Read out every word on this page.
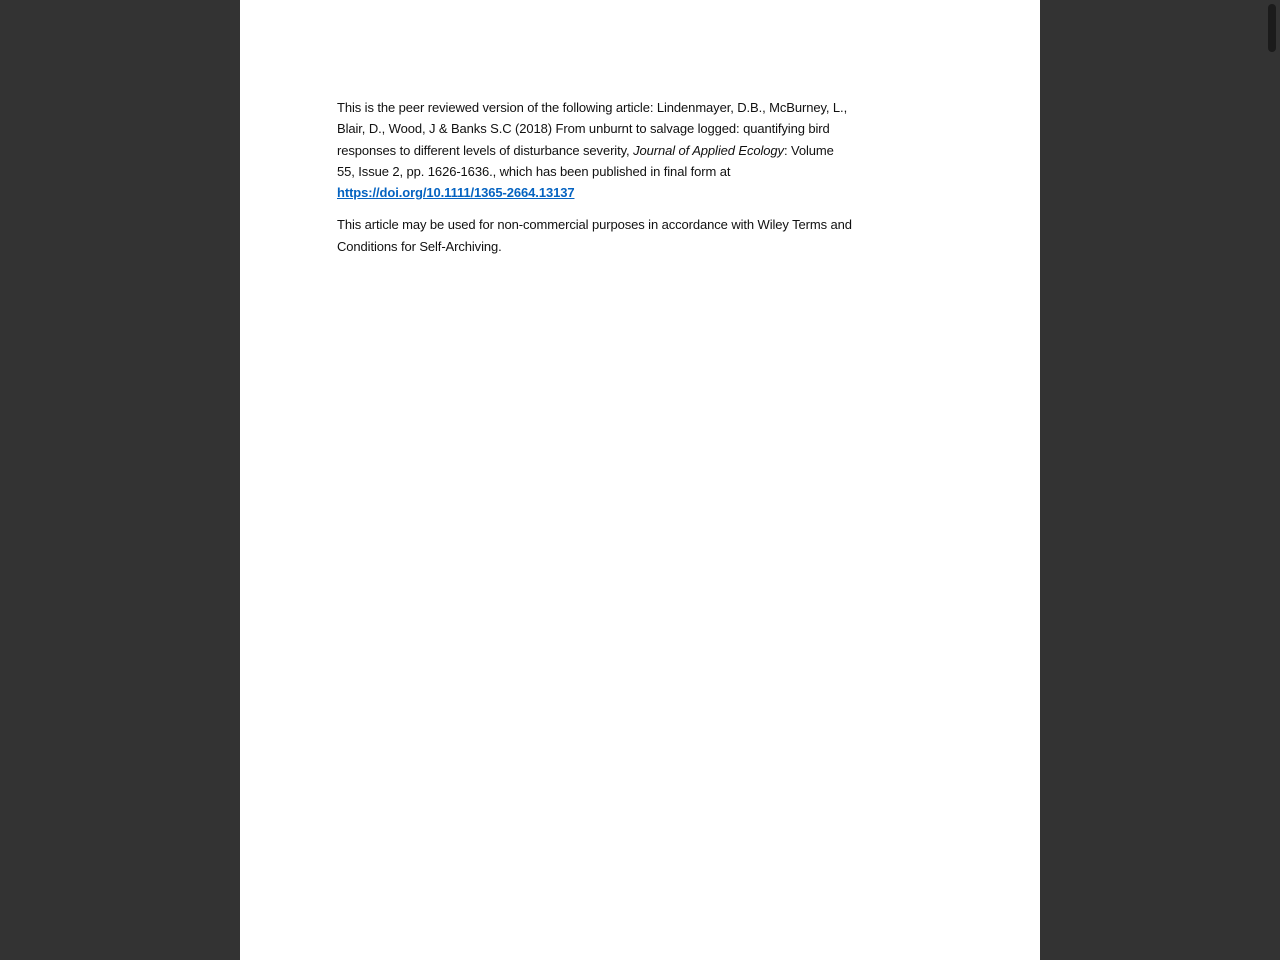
This is the peer reviewed version of the following article: Lindenmayer, D.B., McBurney, L.,
Blair, D., Wood, J & Banks S.C (2018) From unburnt to salvage logged: quantifying bird
responses to different levels of disturbance severity, Journal of Applied Ecology: Volume
55, Issue 2, pp. 1626-1636., which has been published in final form at
https://doi.org/10.1111/1365-2664.13137
This article may be used for non-commercial purposes in accordance with Wiley Terms and
Conditions for Self-Archiving.
